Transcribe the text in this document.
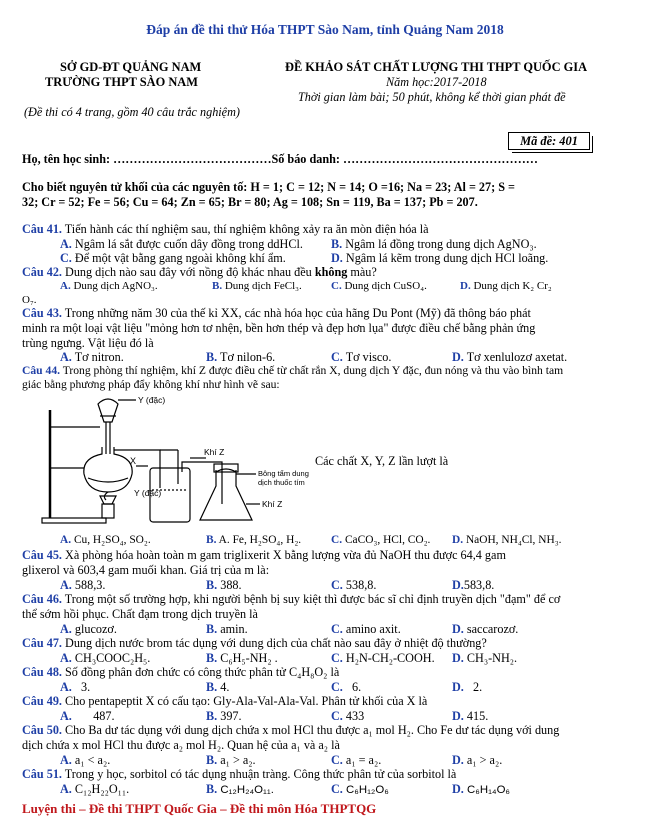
Đáp án đề thi thử Hóa THPT Sào Nam, tỉnh Quảng Nam 2018
SỞ GD-ĐT QUẢNG NAM
TRƯỜNG THPT SÀO NAM
ĐỀ KHẢO SÁT CHẤT LƯỢNG THI THPT QUỐC GIA
Năm học:2017-2018
Thời gian làm bài; 50 phút, không kể thời gian phát đề
(Đề thi có 4 trang, gồm 40 câu trắc nghiệm)
Mã đề: 401
Họ, tên học sinh: …………………………………Số báo danh: …………………………………………
Cho biết nguyên tử khối của các nguyên tố: H = 1; C = 12; N = 14; O =16; Na = 23; Al = 27; S =
32; Cr = 52; Fe = 56; Cu = 64; Zn = 65; Br = 80; Ag = 108; Sn = 119, Ba = 137; Pb = 207.
Câu 41. Tiến hành các thí nghiệm sau, thí nghiệm không xảy ra ăn mòn điện hóa là
A. Ngâm lá sắt được cuốn dây đồng trong ddHCl. B. Ngâm lá đồng trong dung dịch AgNO₃.
C. Để một vật bằng gang ngoài không khí ẩm.	D. Ngâm lá kẽm trong dung dịch HCl loãng.
Câu 42. Dung dịch nào sau đây với nồng độ khác nhau đều không màu?
A. Dung dịch AgNO₃.	B. Dung dịch FeCl₃.	C. Dung dịch CuSO₄.	D. Dung dịch K₂ Cr₂
O₇.
Câu 43. Trong những năm 30 của thế kỉ XX, các nhà hóa học của hãng Du Pont (Mỹ) đã thông báo phát
minh ra một loại vật liệu "mỏng hơn tơ nhện, bền hơn thép và đẹp hơn lụa" được điều chế bằng phản ứng
trùng ngưng. Vật liệu đó là
A. Tơ nitron.	B. Tơ nilon-6.	C. Tơ visco.	D. Tơ xenlulozơ axetat.
Câu 44. Trong phòng thí nghiệm, khí Z được điều chế từ chất rắn X, dung dịch Y đặc, đun nóng và thu vào bình tam
giác bằng phương pháp đẩy không khí như hình vẽ sau:
Y (đặc)
X
Y (đặc)
Khí Z
Bông tẩm dung
dịch thuốc tím
Khí Z
Các chất X, Y, Z lần lượt là
A. Cu, H₂SO₄, SO₂.	B. A. Fe, H₂SO₄, H₂.	C. CaCO₃, HCl, CO₂. D. NaOH, NH₄Cl, NH₃.
Câu 45. Xà phòng hóa hoàn toàn m gam triglixerit X bằng lượng vừa đủ NaOH thu được 64,4 gam
glixerol và 603,4 gam muối khan. Giá trị của m là:
A. 588,3.	B. 388.	C. 538,8.	D.583,8.
Câu 46. Trong một số trường hợp, khi người bệnh bị suy kiệt thì được bác sĩ chỉ định truyền dịch "đạm" để cơ
thể sớm hồi phục. Chất đạm trong dịch truyền là
A. glucozơ.	B. amin.	C. amino axit.	D. saccarozơ.
Câu 47. Dung dịch nước brom tác dụng với dung dịch của chất nào sau đây ở nhiệt độ thường?
A. CH₃COOC₂H₅.	B. C₆H₅-NH₂ .	C. H₂N-CH₂-COOH. D. CH₃-NH₂.
Câu 48. Số đồng phân đơn chức có công thức phân tử C₄H₈O₂ là
A. 3.	B. 4.	C. 6.	D. 2.
Câu 49. Cho pentapeptit X có cấu tạo: Gly-Ala-Val-Ala-Val. Phân tử khối của X là
A. 487.	B. 397.	C. 433	D. 415.
Câu 50. Cho Ba dư tác dụng với dung dịch chứa x mol HCl thu được a₁ mol H₂. Cho Fe dư tác dụng với dung
dịch chứa x mol HCl thu được a₂ mol H₂. Quan hệ của a₁ và a₂ là
A. a₁ < a₂.	B. a₁ > a₂.	C. a₁ = a₂.	D. a₁ > a₂.
Câu 51. Trong y học, sorbitol có tác dụng nhuận tràng. Công thức phân tử của sorbitol là
A. C₁₂H₂₂O₁₁.	B. C₁₂H₂₄O₁₁.	C. C₆H₁₂O₆	D. C₆H₁₄O₆
Luyện thi – Đề thi THPT Quốc Gia – Đề thi môn Hóa THPTQG
